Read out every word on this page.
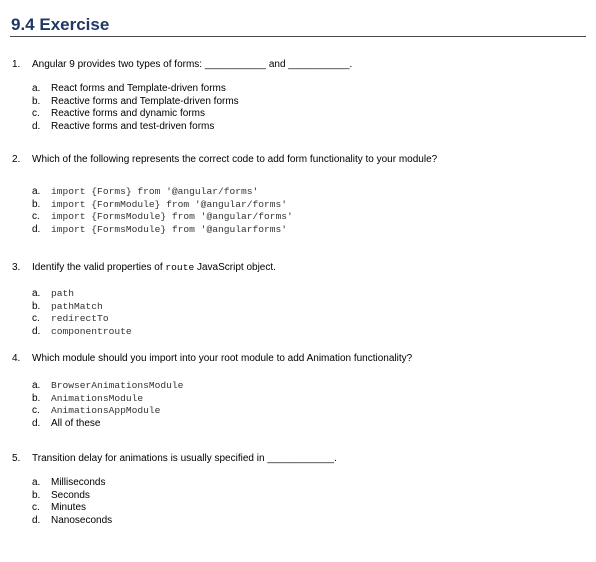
9.4 Exercise
1. Angular 9 provides two types of forms: ___________ and ___________.
a. React forms and Template-driven forms
b. Reactive forms and Template-driven forms
c. Reactive forms and dynamic forms
d. Reactive forms and test-driven forms
2. Which of the following represents the correct code to add form functionality to your module?
a. import {Forms} from '@angular/forms'
b. import {FormModule} from '@angular/forms'
c. import {FormsModule} from '@angular/forms'
d. import {FormsModule} from '@angularforms'
3. Identify the valid properties of route JavaScript object.
a. path
b. pathMatch
c. redirectTo
d. componentroute
4. Which module should you import into your root module to add Animation functionality?
a. BrowserAnimationsModule
b. AnimationsModule
c. AnimationsAppModule
d. All of these
5. Transition delay for animations is usually specified in ____________.
a. Milliseconds
b. Seconds
c. Minutes
d. Nanoseconds
